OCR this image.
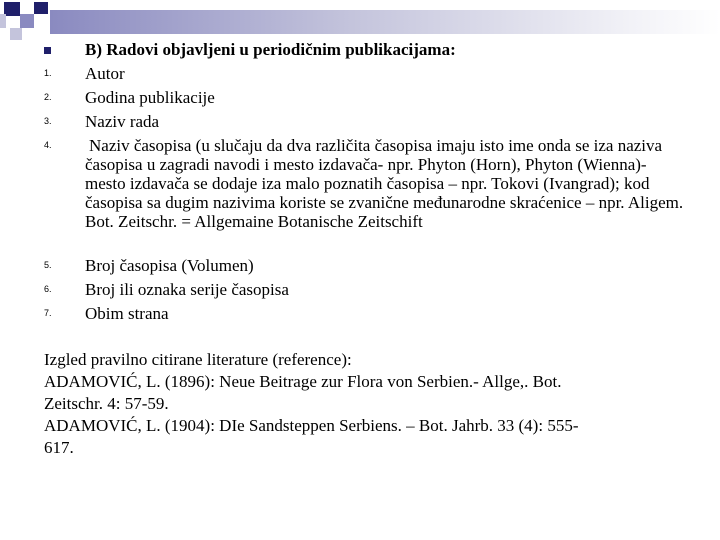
B) Radovi objavljeni u periodičnim publikacijama:
1. Autor
2. Godina publikacije
3. Naziv rada
4. Naziv časopisa (u slučaju da dva različita časopisa imaju isto ime onda se iza naziva časopisa u zagradi navodi i mesto izdavača- npr. Phyton (Horn), Phyton (Wienna)- mesto izdavača se dodaje iza malo poznatih časopisa – npr. Tokovi (Ivangrad); kod časopisa sa dugim nazivima koriste se zvanične međunarodne skraćenice – npr. Aligem. Bot. Zeitschr. = Allgemaine Botanische Zeitschift
5. Broj časopisa (Volumen)
6. Broj ili oznaka serije časopisa
7. Obim strana

Izgled pravilno citirane literature (reference):

ADAMOVIĆ, L. (1896): Neue Beitrage zur Flora von Serbien.- Allge,. Bot.
Zeitschr. 4: 57-59.

ADAMOVIĆ, L. (1904): DIe Sandsteppen Serbiens. – Bot. Jahrb. 33 (4): 555-
617.
